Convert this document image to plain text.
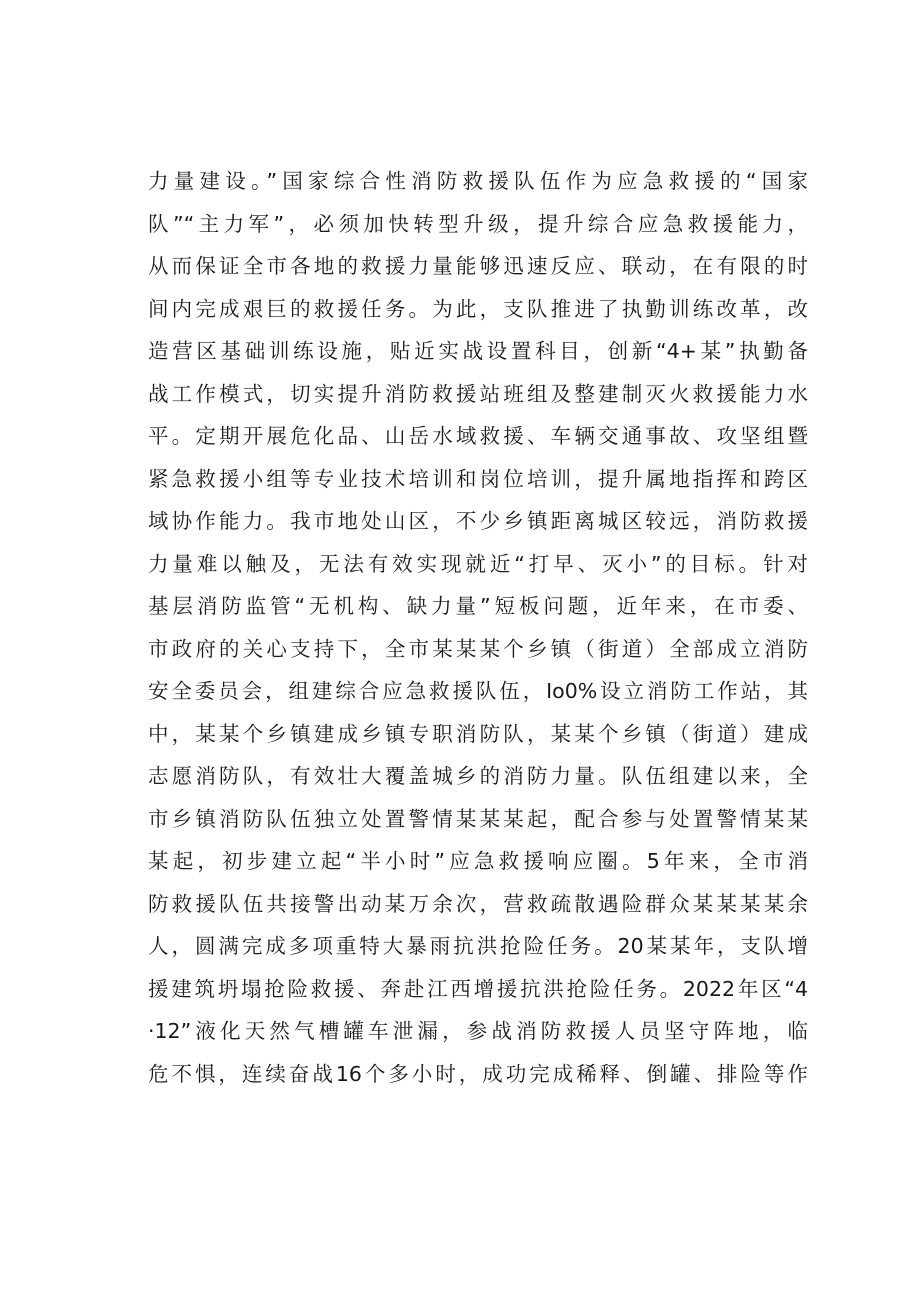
力量建设。”国家综合性消防救援队伍作为应急救援的“国家
队”“主力军”，必须加快转型升级，提升综合应急救援能力，
从而保证全市各地的救援力量能够迅速反应、联动，在有限的时
间内完成艰巨的救援任务。为此，支队推进了执勤训练改革，改
造营区基础训练设施，贴近实战设置科目，创新“4+某”执勤备
战工作模式，切实提升消防救援站班组及整建制灭火救援能力水
平。定期开展危化品、山岳水域救援、车辆交通事故、攻坚组暨
紧急救援小组等专业技术培训和岗位培训，提升属地指挥和跨区
域协作能力。我市地处山区，不少乡镇距离城区较远，消防救援
力量难以触及，无法有效实现就近“打早、灭小”的目标。针对
基层消防监管“无机构、缺力量”短板问题，近年来，在市委、
市政府的关心支持下，全市某某某个乡镇（街道）全部成立消防
安全委员会，组建综合应急救援队伍，Io0%设立消防工作站，其
中，某某个乡镇建成乡镇专职消防队，某某个乡镇（街道）建成
志愿消防队，有效壮大覆盖城乡的消防力量。队伍组建以来，全
市乡镇消防队伍独立处置警情某某某起，配合参与处置警情某某
某起，初步建立起“半小时”应急救援响应圈。5年来，全市消
防救援队伍共接警出动某万余次，营救疏散遇险群众某某某某余
人，圆满完成多项重特大暴雨抗洪抢险任务。20某某年，支队增
援建筑坍塌抢险救援、奔赴江西增援抗洪抢险任务。2022年区“4
·12”液化天然气槽罐车泄漏，参战消防救援人员坚守阵地，临
危不惧，连续奋战16个多小时，成功完成稀释、倒罐、排险等作
